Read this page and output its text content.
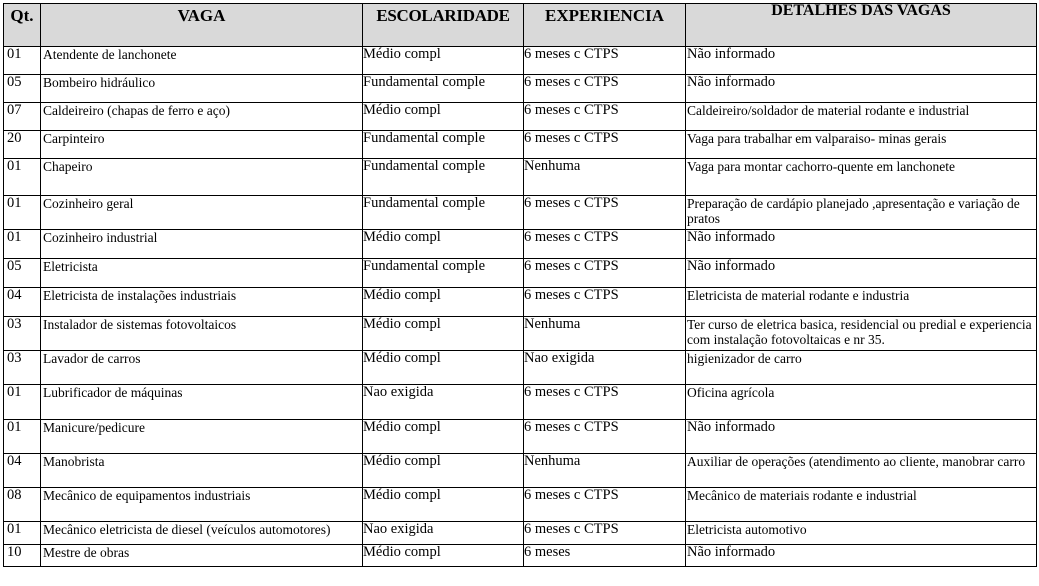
Qt.	VAGA	ESCOLARIDADE	EXPERIENCIA	DETALHES DAS VAGAS
01	Atendente de lanchonete	Médio compl	6 meses c CTPS	Não informado
05	Bombeiro hidráulico	Fundamental comple	6 meses c CTPS	Não informado
07	Caldeireiro (chapas de ferro e aço)	Médio compl	6 meses c CTPS	Caldeireiro/soldador de material rodante e industrial
20	Carpinteiro	Fundamental comple	6 meses c CTPS	Vaga para trabalhar em valparaiso- minas gerais
01	Chapeiro	Fundamental comple	Nenhuma	Vaga para montar cachorro-quente em lanchonete
01	Cozinheiro geral	Fundamental comple	6 meses c CTPS	Preparação de cardápio planejado ,apresentação e variação de pratos
01	Cozinheiro industrial	Médio compl	6 meses c CTPS	Não informado
05	Eletricista	Fundamental comple	6 meses c CTPS	Não informado
04	Eletricista de instalações industriais	Médio compl	6 meses c CTPS	Eletricista de material rodante e industria
03	Instalador de sistemas fotovoltaicos	Médio compl	Nenhuma	Ter curso de eletrica basica, residencial ou predial e experiencia com instalação fotovoltaicas e nr 35.
03	Lavador de carros	Médio compl	Nao exigida	higienizador de carro
01	Lubrificador de máquinas	Nao exigida	6 meses c CTPS	Oficina agrícola
01	Manicure/pedicure	Médio compl	6 meses c CTPS	Não informado
04	Manobrista	Médio compl	Nenhuma	Auxiliar de operações (atendimento ao cliente, manobrar carro
08	Mecânico de equipamentos industriais	Médio compl	6 meses c CTPS	Mecânico de materiais rodante e industrial
01	Mecânico eletricista de diesel (veículos automotores)	Nao exigida	6 meses c CTPS	Eletricista automotivo
10	Mestre de obras	Médio compl	6 meses	Não informado
